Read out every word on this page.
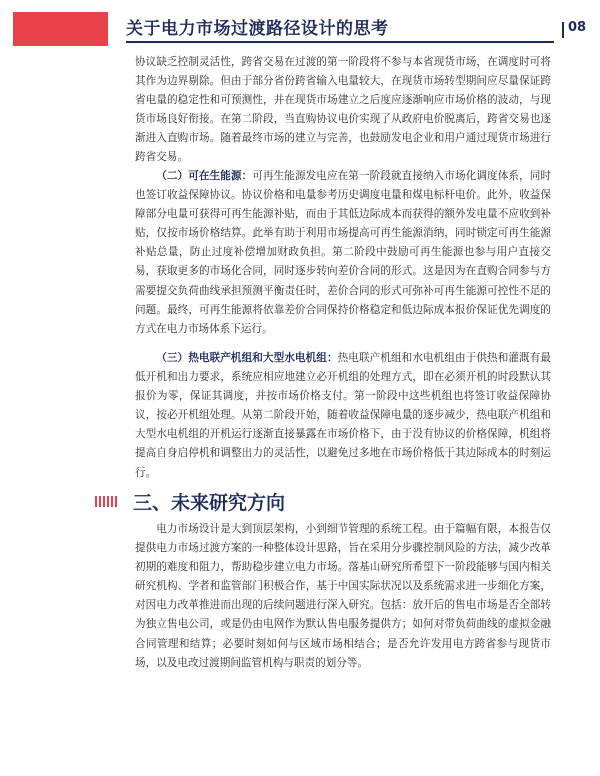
关于电力市场过渡路径设计的思考	08

协议缺乏控制灵活性，跨省交易在过渡的第一阶段将不参与本省现货市场，在调度时可将其作为边界剔除。但由于部分省份跨省输入电量较大，在现货市场转型期间应尽量保证跨省电量的稳定性和可预测性，并在现货市场建立之后度应逐渐响应市场价格的波动，与现货市场良好衔接。在第二阶段，当直购协议电价实现了从政府电价脱离后，跨省交易也逐渐进入直购市场。随着最终市场的建立与完善，也鼓励发电企业和用户通过现货市场进行跨省交易。

（二）可在生能源：可再生能源发电应在第一阶段就直接纳入市场化调度体系，同时也签订收益保障协议。协议价格和电量参考历史调度电量和煤电标杆电价。此外，收益保障部分电量可获得可再生能源补贴，而由于其低边际成本而获得的额外发电量不应收到补贴，仅按市场价格结算。此举有助于利用市场提高可再生能源消纳，同时锁定可再生能源补贴总量，防止过度补偿增加财政负担。第二阶段中鼓励可再生能源也参与用户直接交易，获取更多的市场化合同，同时逐步转向差价合同的形式。这是因为在直购合同参与方需要提交负荷曲线承担预测平衡责任时，差价合同的形式可弥补可再生能源可控性不足的问题。最终，可再生能源将依靠差价合同保持价格稳定和低边际成本报价保证优先调度的方式在电力市场体系下运行。

（三）热电联产机组和大型水电机组：热电联产机组和水电机组由于供热和灌溉有最低开机和出力要求，系统应相应地建立必开机组的处理方式，即在必须开机的时段默认其报价为零，保证其调度，并按市场价格支付。第一阶段中这些机组也将签订收益保障协议，按必开机组处理。从第二阶段开始，随着收益保障电量的逐步减少，热电联产机组和大型水电机组的开机运行逐渐直接暴露在市场价格下，由于没有协议的价格保障，机组将提高自身启停机和调整出力的灵活性，以避免过多地在市场价格低于其边际成本的时刻运行。

三、未来研究方向

电力市场设计是大到顶层架构，小到细节管理的系统工程。由于篇幅有限，本报告仅提供电力市场过渡方案的一种整体设计思路，旨在采用分步骤控制风险的方法，减少改革初期的难度和阻力，帮助稳步建立电力市场。落基山研究所希望下一阶段能够与国内相关研究机构、学者和监管部门积极合作，基于中国实际状况以及系统需求进一步细化方案，对因电力改革推进而出现的后续问题进行深入研究。包括：放开后的售电市场是否全部转为独立售电公司，或是仍由电网作为默认售电服务提供方；如何对带负荷曲线的虚拟金融合同管理和结算；必要时刻如何与区域市场相结合；是否允许发用电方跨省参与现货市场，以及电改过渡期间监管机构与职责的划分等。
